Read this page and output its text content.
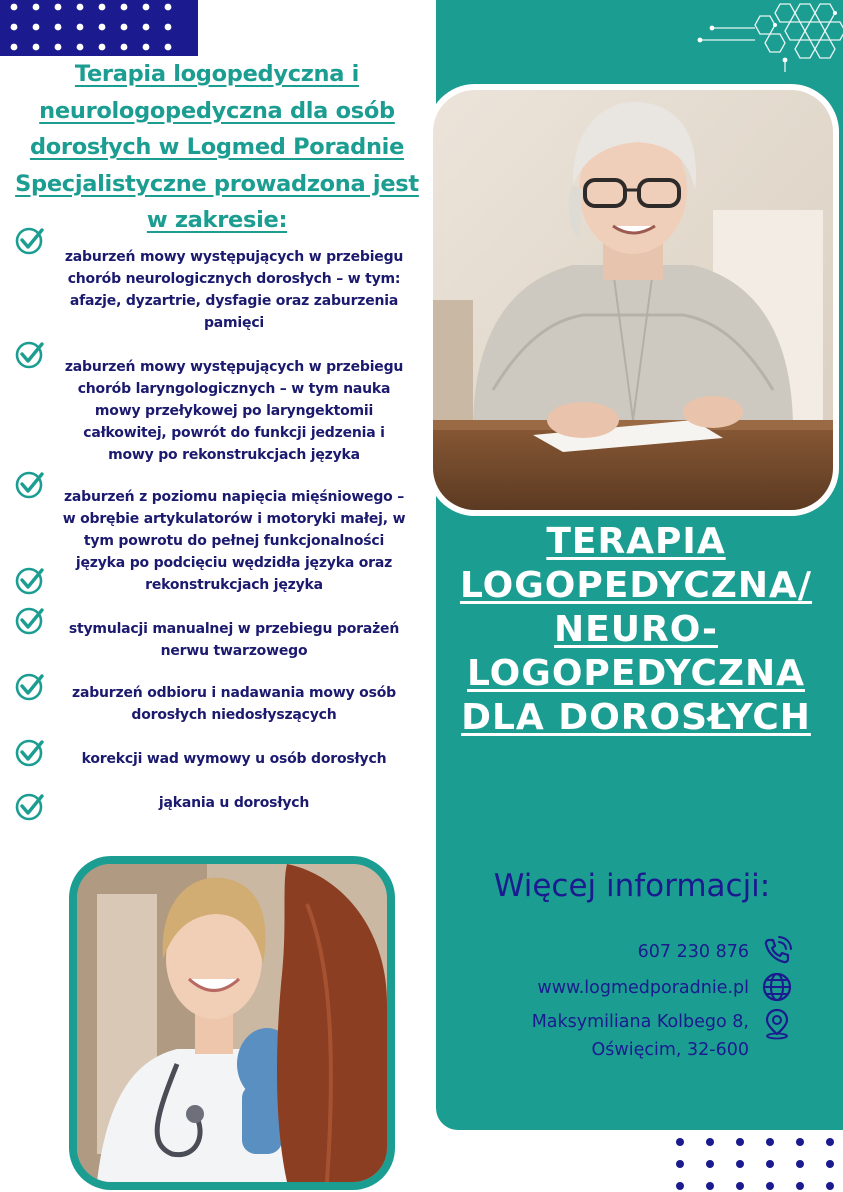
Terapia logopedyczna i
neurologopedyczna dla osób
dorosłych w Logmed Poradnie
Specjalistyczne prowadzona jest
w zakresie:
zaburzeń mowy występujących w przebiegu
chorób neurologicznych dorosłych – w tym:
afazje, dyzartrie, dysfagie oraz zaburzenia
pamięci
zaburzeń mowy występujących w przebiegu
chorób laryngologicznych – w tym nauka
mowy przełykowej po laryngektomii
całkowitej, powrót do funkcji jedzenia i
mowy po rekonstrukcjach języka
zaburzeń z poziomu napięcia mięśniowego –
w obrębie artykulatorów i motoryki małej, w
tym powrotu do pełnej funkcjonalności
języka po podcięciu wędzidła języka oraz
rekonstrukcjach języka
stymulacji manualnej w przebiegu porażeń
nerwu twarzowego
zaburzeń odbioru i nadawania mowy osób
dorosłych niedosłyszących
korekcji wad wymowy u osób dorosłych
jąkania u dorosłych
TERAPIA
LOGOPEDYCZNA/
NEURO-
LOGOPEDYCZNA
DLA DOROSŁYCH
Więcej informacji:
607 230 876
www.logmedporadnie.pl
Maksymiliana Kolbego 8,
Oświęcim, 32-600
